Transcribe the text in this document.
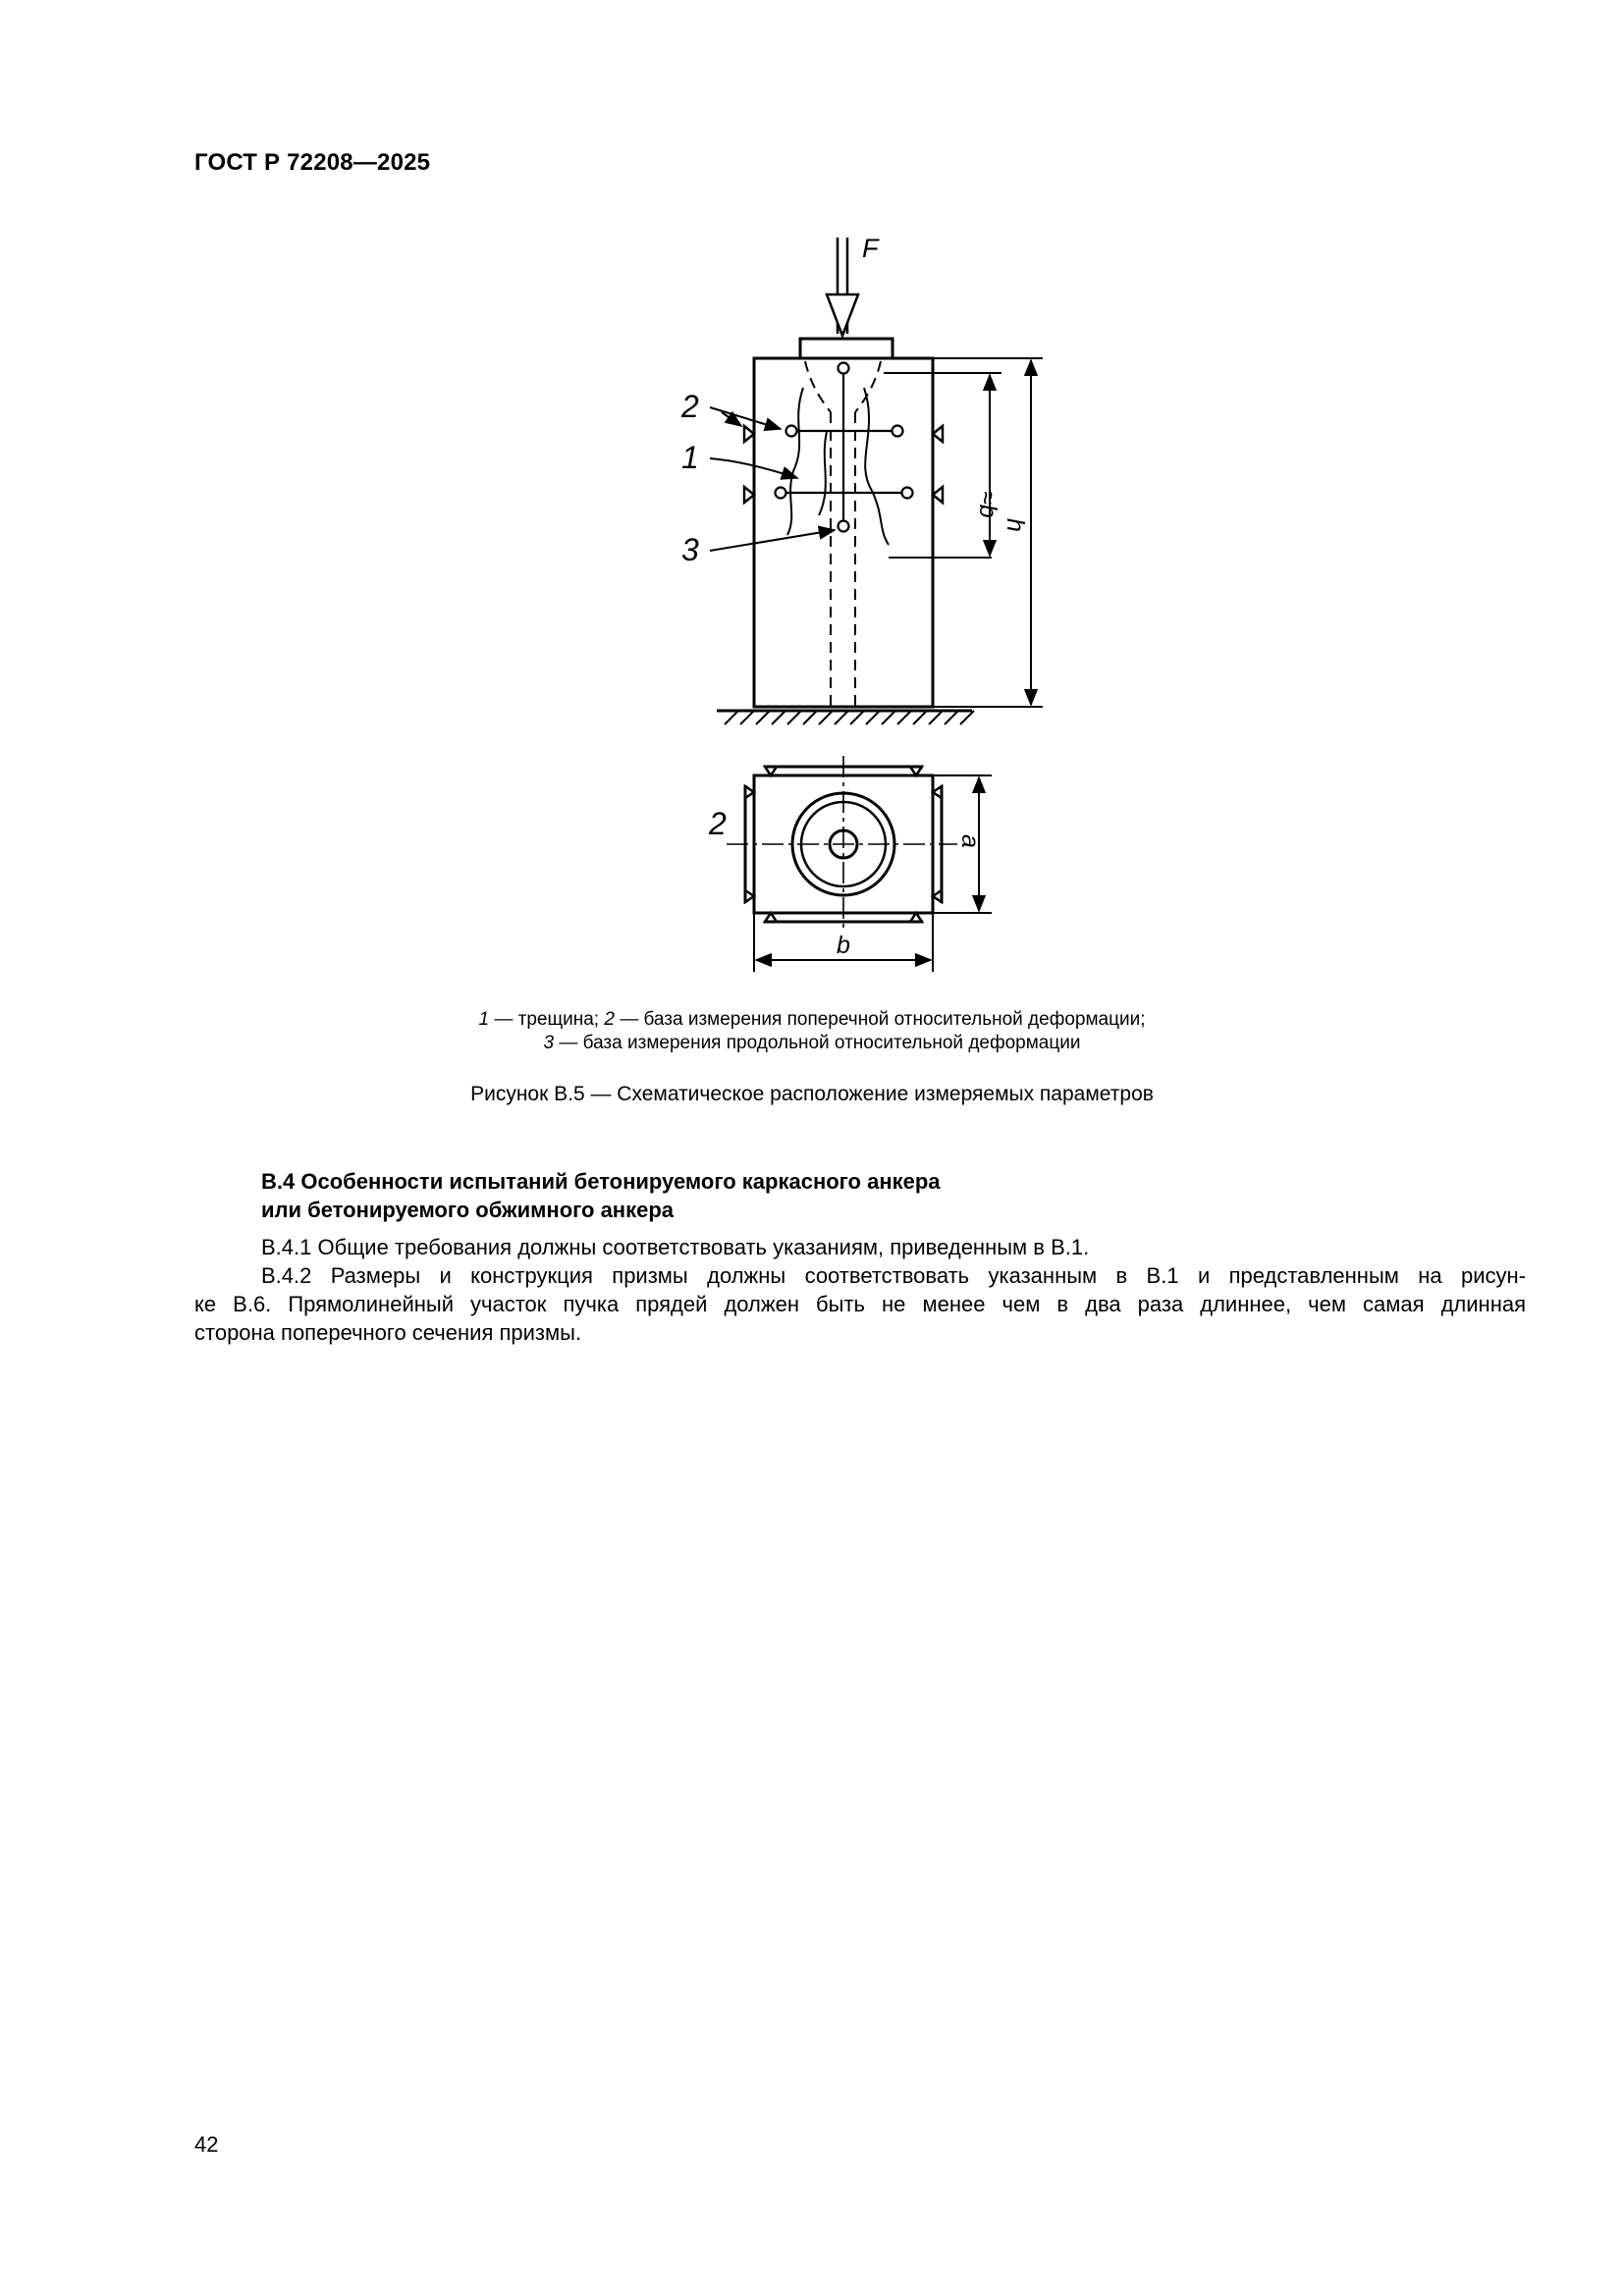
ГОСТ Р 72208—2025
F
2
1
3
≈b
h
2	a
b
1 — трещина; 2 — база измерения поперечной относительной деформации;
3 — база измерения продольной относительной деформации
Рисунок В.5 — Схематическое расположение измеряемых параметров
В.4 Особенности испытаний бетонируемого каркасного анкера
или бетонируемого обжимного анкера
В.4.1 Общие требования должны соответствовать указаниям, приведенным в В.1.
В.4.2 Размеры и конструкция призмы должны соответствовать указанным в В.1 и представленным на рисун-
ке В.6. Прямолинейный участок пучка прядей должен быть не менее чем в два раза длиннее, чем самая длинная
сторона поперечного сечения призмы.
42
